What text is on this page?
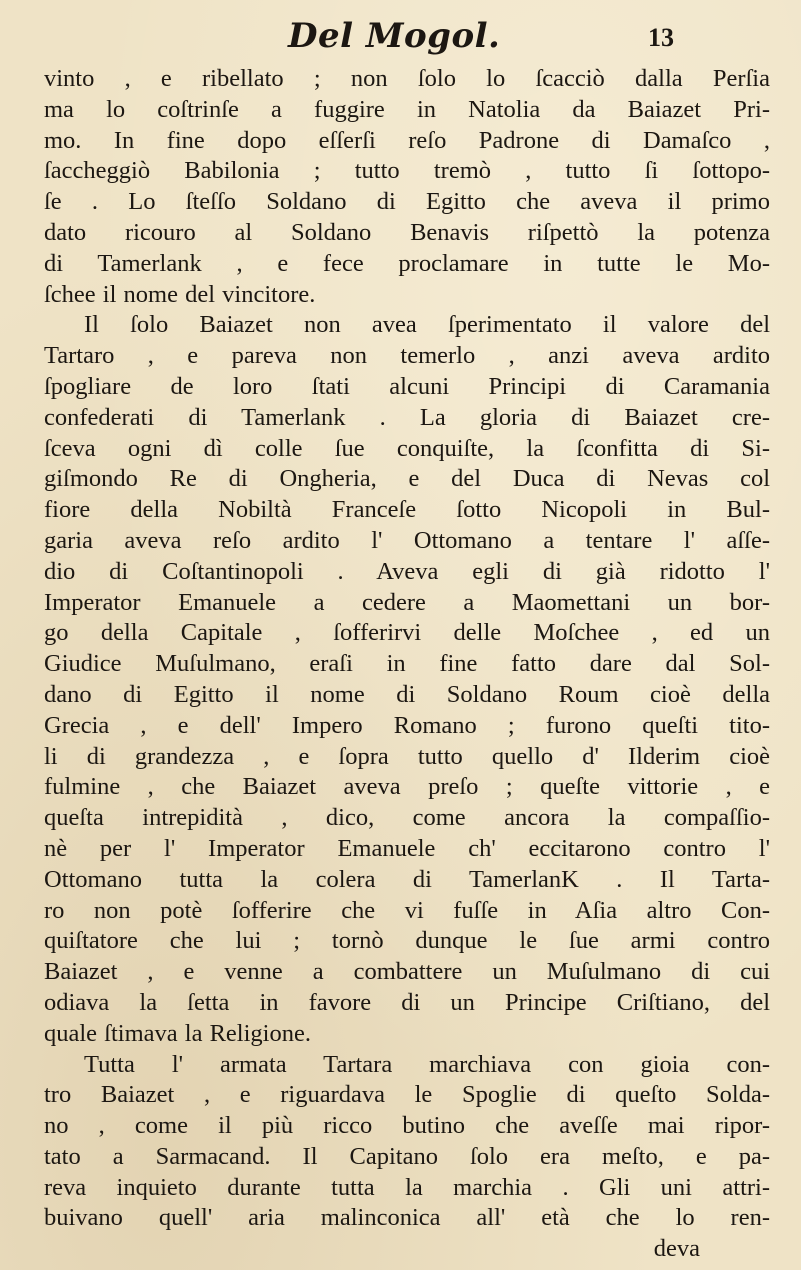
Del Mogol.	13
vinto , e ribellato ; non ſolo lo ſcacciò dalla Perſia
ma lo coſtrinſe a fuggire in Natolia da Baiazet Pri-
mo. In fine dopo eſſerſi reſo Padrone di Damaſco ,
ſaccheggiò Babilonia ; tutto tremò , tutto ſi ſottopo-
ſe . Lo ſteſſo Soldano di Egitto che aveva il primo
dato ricouro al Soldano Benavis riſpettò la potenza
di Tamerlank , e fece proclamare in tutte le Mo-
ſchee il nome del vincitore.
Il ſolo Baiazet non avea ſperimentato il valore del
Tartaro , e pareva non temerlo , anzi aveva ardito
ſpogliare de loro ſtati alcuni Principi di Caramania
confederati di Tamerlank . La gloria di Baiazet cre-
ſceva ogni dì colle ſue conquiſte, la ſconfitta di Si-
giſmondo Re di Ongheria, e del Duca di Nevas col
fiore della Nobiltà Franceſe ſotto Nicopoli in Bul-
garia aveva reſo ardito l' Ottomano a tentare l' aſſe-
dio di Coſtantinopoli . Aveva egli di già ridotto l'
Imperator Emanuele a cedere a Maomettani un bor-
go della Capitale , ſofferirvi delle Moſchee , ed un
Giudice Muſulmano, eraſi in fine fatto dare dal Sol-
dano di Egitto il nome di Soldano Roum cioè della
Grecia , e dell' Impero Romano ; furono queſti tito-
li di grandezza , e ſopra tutto quello d' Ilderim cioè
fulmine , che Baiazet aveva preſo ; queſte vittorie , e
queſta intrepidità , dico, come ancora la compaſſio-
nè per l' Imperator Emanuele ch' eccitarono contro l'
Ottomano tutta la colera di TamerlanK . Il Tarta-
ro non potè ſofferire che vi fuſſe in Aſia altro Con-
quiſtatore che lui ; tornò dunque le ſue armi contro
Baiazet , e venne a combattere un Muſulmano di cui
odiava la ſetta in favore di un Principe Criſtiano, del
quale ſtimava la Religione.
Tutta l' armata Tartara marchiava con gioia con-
tro Baiazet , e riguardava le Spoglie di queſto Solda-
no , come il più ricco butino che aveſſe mai ripor-
tato a Sarmacand. Il Capitano ſolo era meſto, e pa-
reva inquieto durante tutta la marchia . Gli uni attri-
buivano quell' aria malinconica all' età che lo ren-
deva
